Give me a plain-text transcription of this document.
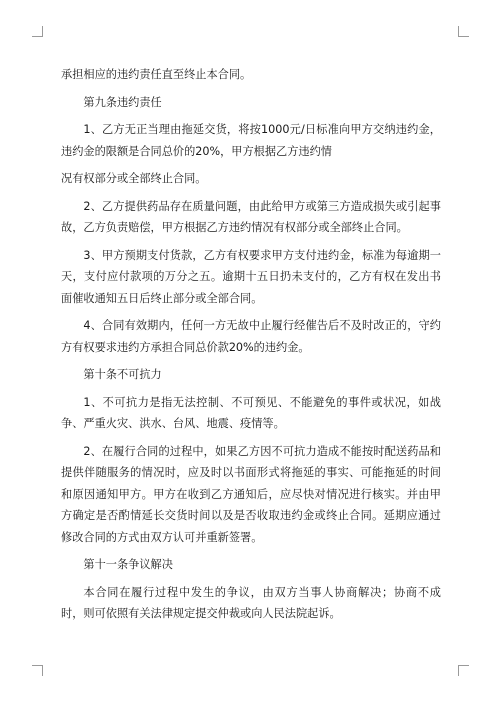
承担相应的违约责任直至终止本合同。

第九条违约责任

1、乙方无正当理由拖延交货，将按1000元/日标准向甲方交纳违约金，违约金的限额是合同总价的20%，甲方根据乙方违约情

况有权部分或全部终止合同。

2、乙方提供药品存在质量问题，由此给甲方或第三方造成损失或引起事故，乙方负责赔偿，甲方根据乙方违约情况有权部分或全部终止合同。

3、甲方预期支付货款，乙方有权要求甲方支付违约金，标准为每逾期一天，支付应付款项的万分之五。逾期十五日扔未支付的，乙方有权在发出书面催收通知五日后终止部分或全部合同。

4、合同有效期内，任何一方无故中止履行经催告后不及时改正的，守约方有权要求违约方承担合同总价款20%的违约金。

第十条不可抗力

1、不可抗力是指无法控制、不可预见、不能避免的事件或状况，如战争、严重火灾、洪水、台风、地震、疫情等。

2、在履行合同的过程中，如果乙方因不可抗力造成不能按时配送药品和提供伴随服务的情况时，应及时以书面形式将拖延的事实、可能拖延的时间和原因通知甲方。甲方在收到乙方通知后，应尽快对情况进行核实。并由甲方确定是否酌情延长交货时间以及是否收取违约金或终止合同。延期应通过修改合同的方式由双方认可并重新签署。

第十一条争议解决

本合同在履行过程中发生的争议，由双方当事人协商解决；协商不成时，则可依照有关法律规定提交仲裁或向人民法院起诉。
